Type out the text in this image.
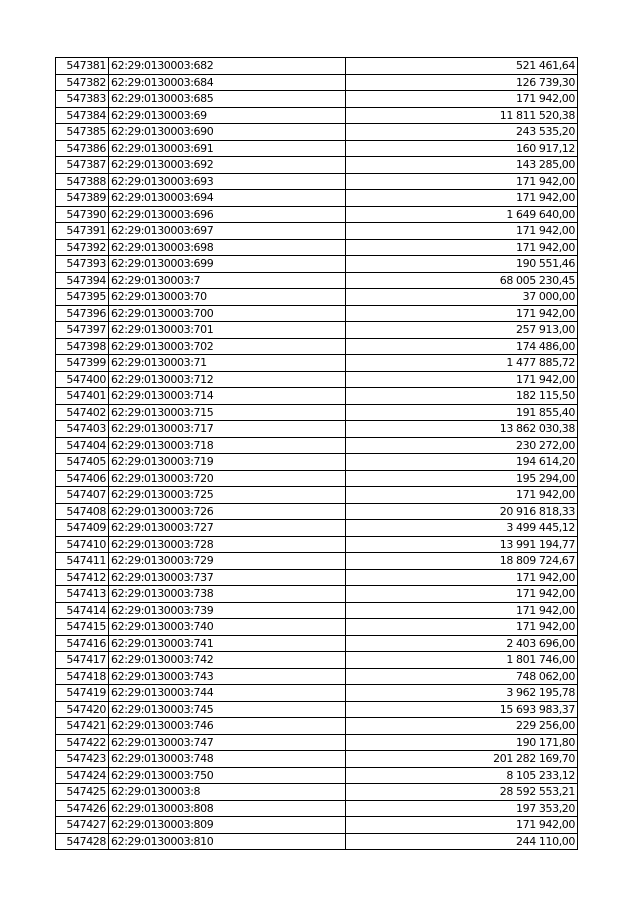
547381	62:29:0130003:682	521 461,64
547382	62:29:0130003:684	126 739,30
547383	62:29:0130003:685	171 942,00
547384	62:29:0130003:69	11 811 520,38
547385	62:29:0130003:690	243 535,20
547386	62:29:0130003:691	160 917,12
547387	62:29:0130003:692	143 285,00
547388	62:29:0130003:693	171 942,00
547389	62:29:0130003:694	171 942,00
547390	62:29:0130003:696	1 649 640,00
547391	62:29:0130003:697	171 942,00
547392	62:29:0130003:698	171 942,00
547393	62:29:0130003:699	190 551,46
547394	62:29:0130003:7	68 005 230,45
547395	62:29:0130003:70	37 000,00
547396	62:29:0130003:700	171 942,00
547397	62:29:0130003:701	257 913,00
547398	62:29:0130003:702	174 486,00
547399	62:29:0130003:71	1 477 885,72
547400	62:29:0130003:712	171 942,00
547401	62:29:0130003:714	182 115,50
547402	62:29:0130003:715	191 855,40
547403	62:29:0130003:717	13 862 030,38
547404	62:29:0130003:718	230 272,00
547405	62:29:0130003:719	194 614,20
547406	62:29:0130003:720	195 294,00
547407	62:29:0130003:725	171 942,00
547408	62:29:0130003:726	20 916 818,33
547409	62:29:0130003:727	3 499 445,12
547410	62:29:0130003:728	13 991 194,77
547411	62:29:0130003:729	18 809 724,67
547412	62:29:0130003:737	171 942,00
547413	62:29:0130003:738	171 942,00
547414	62:29:0130003:739	171 942,00
547415	62:29:0130003:740	171 942,00
547416	62:29:0130003:741	2 403 696,00
547417	62:29:0130003:742	1 801 746,00
547418	62:29:0130003:743	748 062,00
547419	62:29:0130003:744	3 962 195,78
547420	62:29:0130003:745	15 693 983,37
547421	62:29:0130003:746	229 256,00
547422	62:29:0130003:747	190 171,80
547423	62:29:0130003:748	201 282 169,70
547424	62:29:0130003:750	8 105 233,12
547425	62:29:0130003:8	28 592 553,21
547426	62:29:0130003:808	197 353,20
547427	62:29:0130003:809	171 942,00
547428	62:29:0130003:810	244 110,00
